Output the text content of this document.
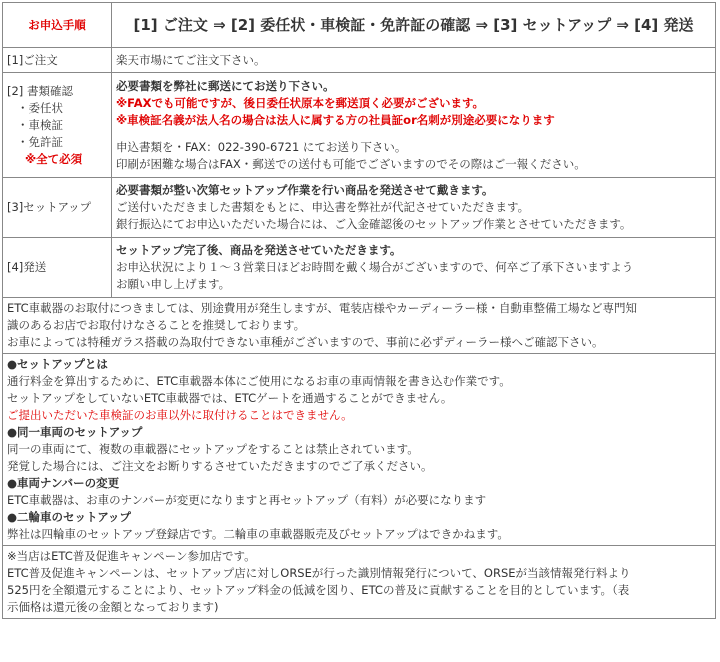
お申込手順	[1] ご注文 ⇒ [2] 委任状・車検証・免許証の確認 ⇒ [3] セットアップ ⇒ [4] 発送
[1]ご注文	楽天市場にてご注文下さい。

[2] 書類確認
・委任状
・車検証
・免許証
※全て必須	必要書類を弊社に郵送にてお送り下さい。
※FAXでも可能ですが、後日委任状原本を郵送頂く必要がございます。
※車検証名義が法人名の場合は法人に属する方の社員証or名刺が別途必要になります
申込書類を・FAX：022-390-6721 にてお送り下さい。
印刷が困難な場合はFAX・郵送での送付も可能でございますのでその際はご一報ください。

[3]セットアップ	必要書類が整い次第セットアップ作業を行い商品を発送させて戴きます。
ご送付いただきました書類をもとに、申込書を弊社が代記させていただきます。
銀行振込にてお申込いただいた場合には、ご入金確認後のセットアップ作業とさせていただきます。

[4]発送	セットアップ完了後、商品を発送させていただきます。
お申込状況により１～３営業日ほどお時間を戴く場合がございますので、何卒ご了承下さいますよう
お願い申し上げます。
ETC車載器のお取付につきましては、別途費用が発生しますが、電装店様やカーディーラー様・自動車整備工場など専門知
識のあるお店でお取付けなさることを推奨しております。
お車によっては特種ガラス搭載の為取付できない車種がございますので、事前に必ずディーラー様へご確認下さい。
●セットアップとは
通行料金を算出するために、ETC車載器本体にご使用になるお車の車両情報を書き込む作業です。
セットアップをしていないETC車載器では、ETCゲートを通過することができません。
ご提出いただいた車検証のお車以外に取付けることはできません。
●同一車両のセットアップ
同一の車両にて、複数の車載器にセットアップをすることは禁止されています。
発覚した場合には、ご注文をお断りするさせていただきますのでご了承ください。
●車両ナンバーの変更
ETC車載器は、お車のナンバーが変更になりますと再セットアップ（有料）が必要になります
●二輪車のセットアップ
弊社は四輪車のセットアップ登録店です。二輪車の車載器販売及びセットアップはできかねます。
※当店はETC普及促進キャンペーン参加店です。
ETC普及促進キャンペーンは、セットアップ店に対しORSEが行った識別情報発行について、ORSEが当該情報発行料より
525円を全額還元することにより、セットアップ料金の低減を図り、ETCの普及に貢献することを目的としています。（表
示価格は還元後の金額となっております)
